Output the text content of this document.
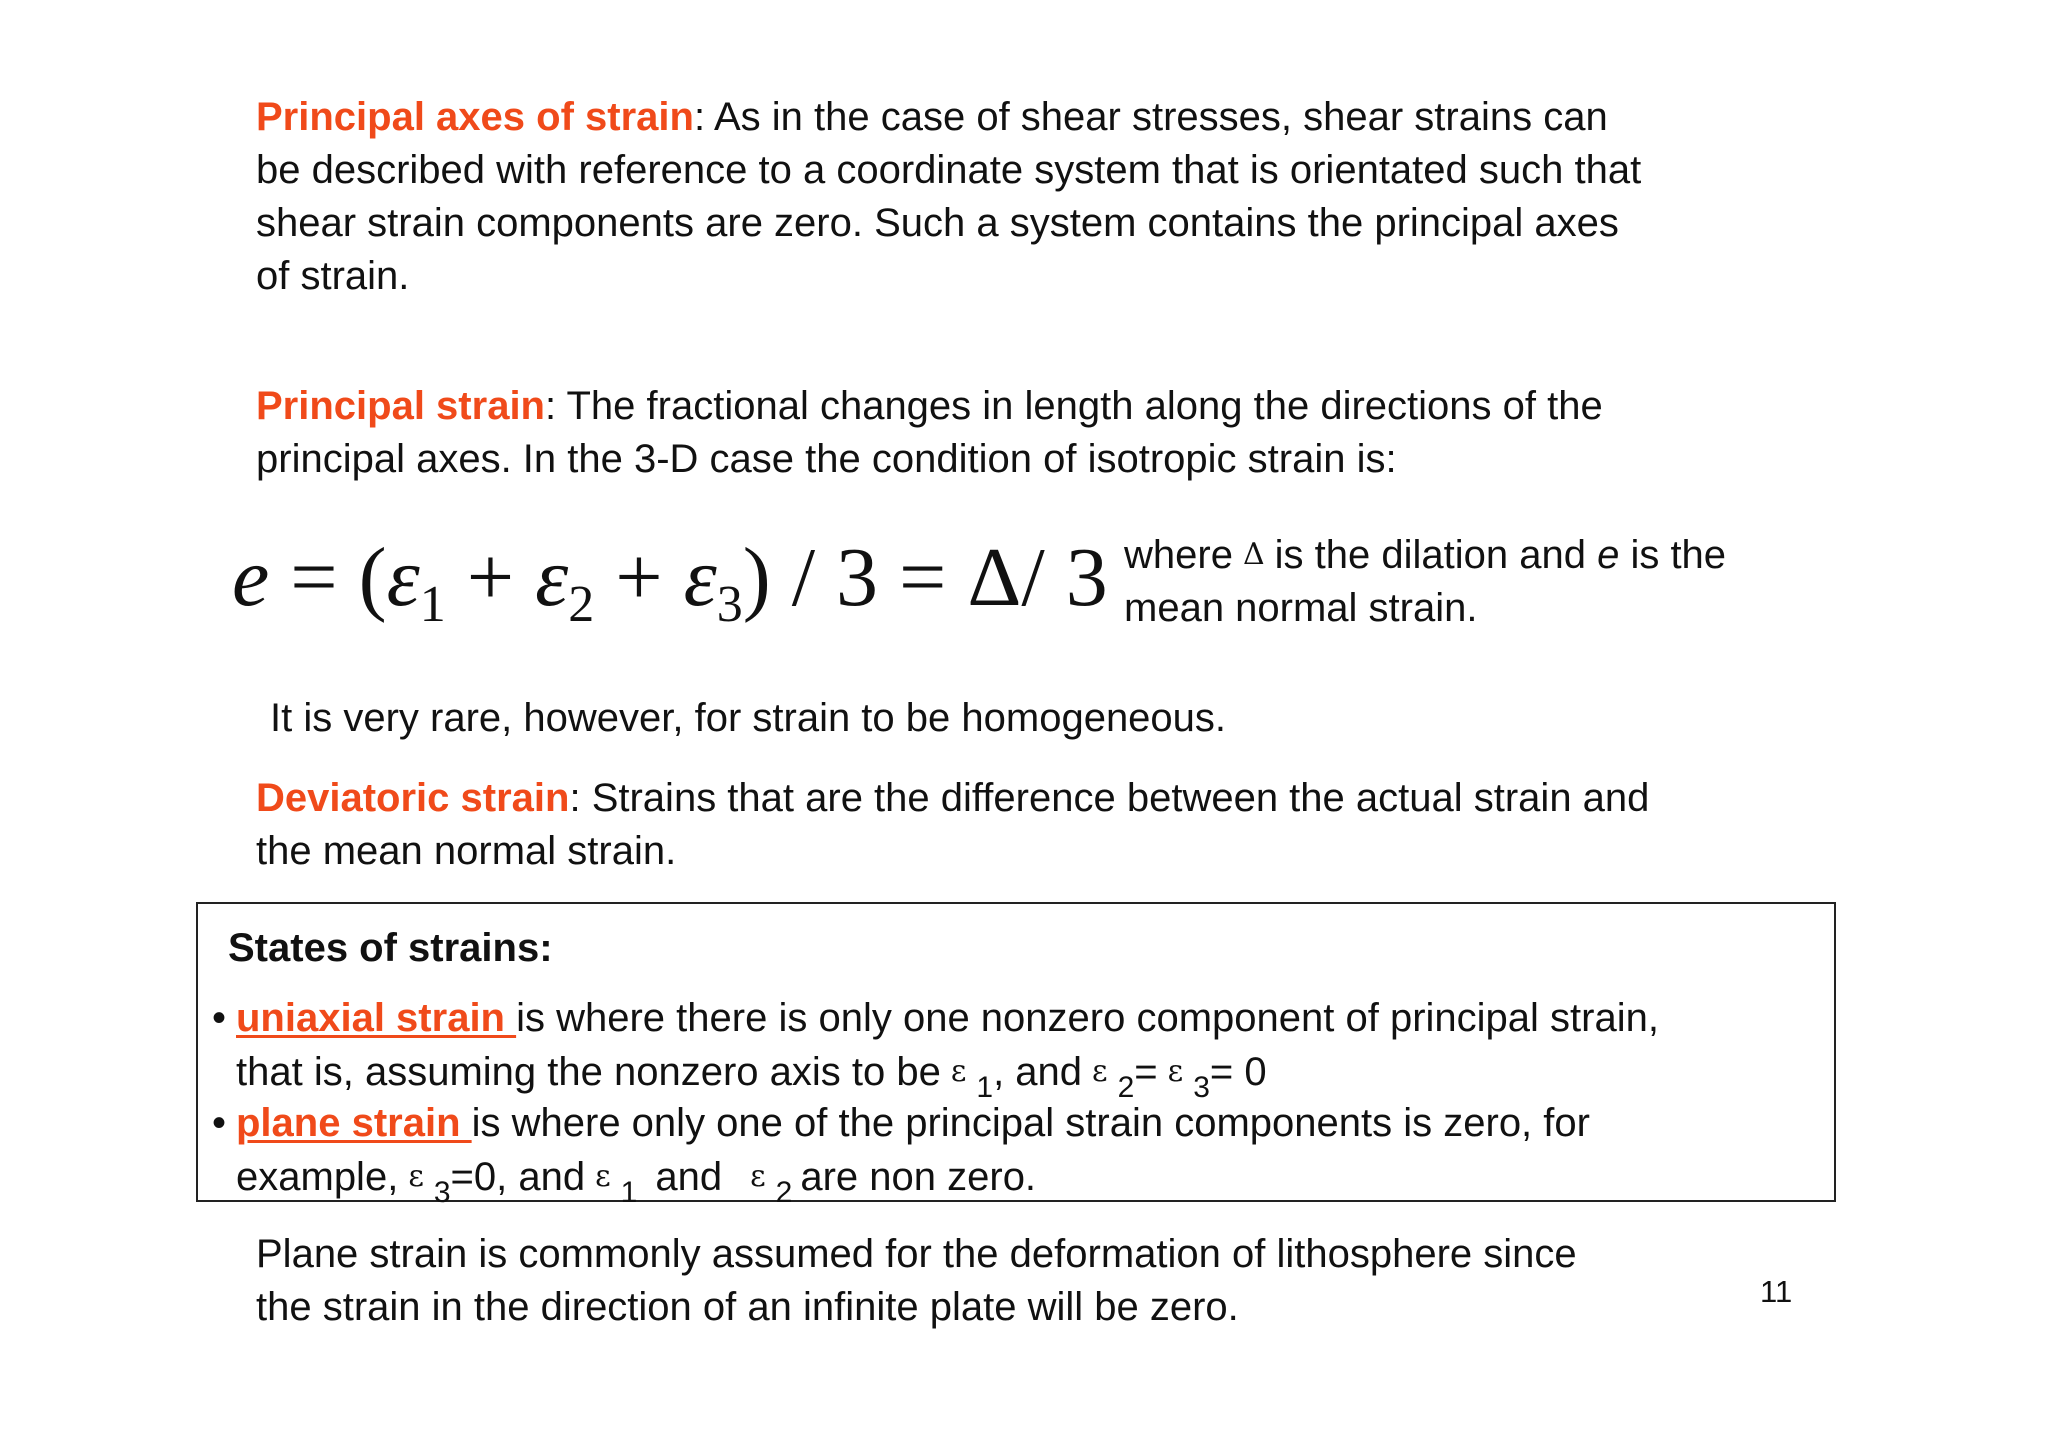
Principal axes of strain: As in the case of shear stresses, shear strains can
be described with reference to a coordinate system that is orientated such that
shear strain components are zero. Such a system contains the principal axes
of strain.
Principal strain: The fractional changes in length along the directions of the
principal axes. In the 3-D case the condition of isotropic strain is:
$e = (\varepsilon_1 + \varepsilon_2 + \varepsilon_3) / 3 = \Delta/$ 3 where Δ is the dilation and e is the
mean normal strain.
It is very rare, however, for strain to be homogeneous.
Deviatoric strain: Strains that are the difference between the actual strain and
the mean normal strain.
States of strains:
• uniaxial strain is where there is only one nonzero component of principal strain,
that is, assuming the nonzero axis to be ε $_1$, and ε $_2$= ε $_3$= 0
• plane strain is where only one of the principal strain components is zero, for
example, ε $_3$=0, and ε $_1$ and ε $_2$ are non zero.
Plane strain is commonly assumed for the deformation of lithosphere since
the strain in the direction of an infinite plate will be zero.	11
